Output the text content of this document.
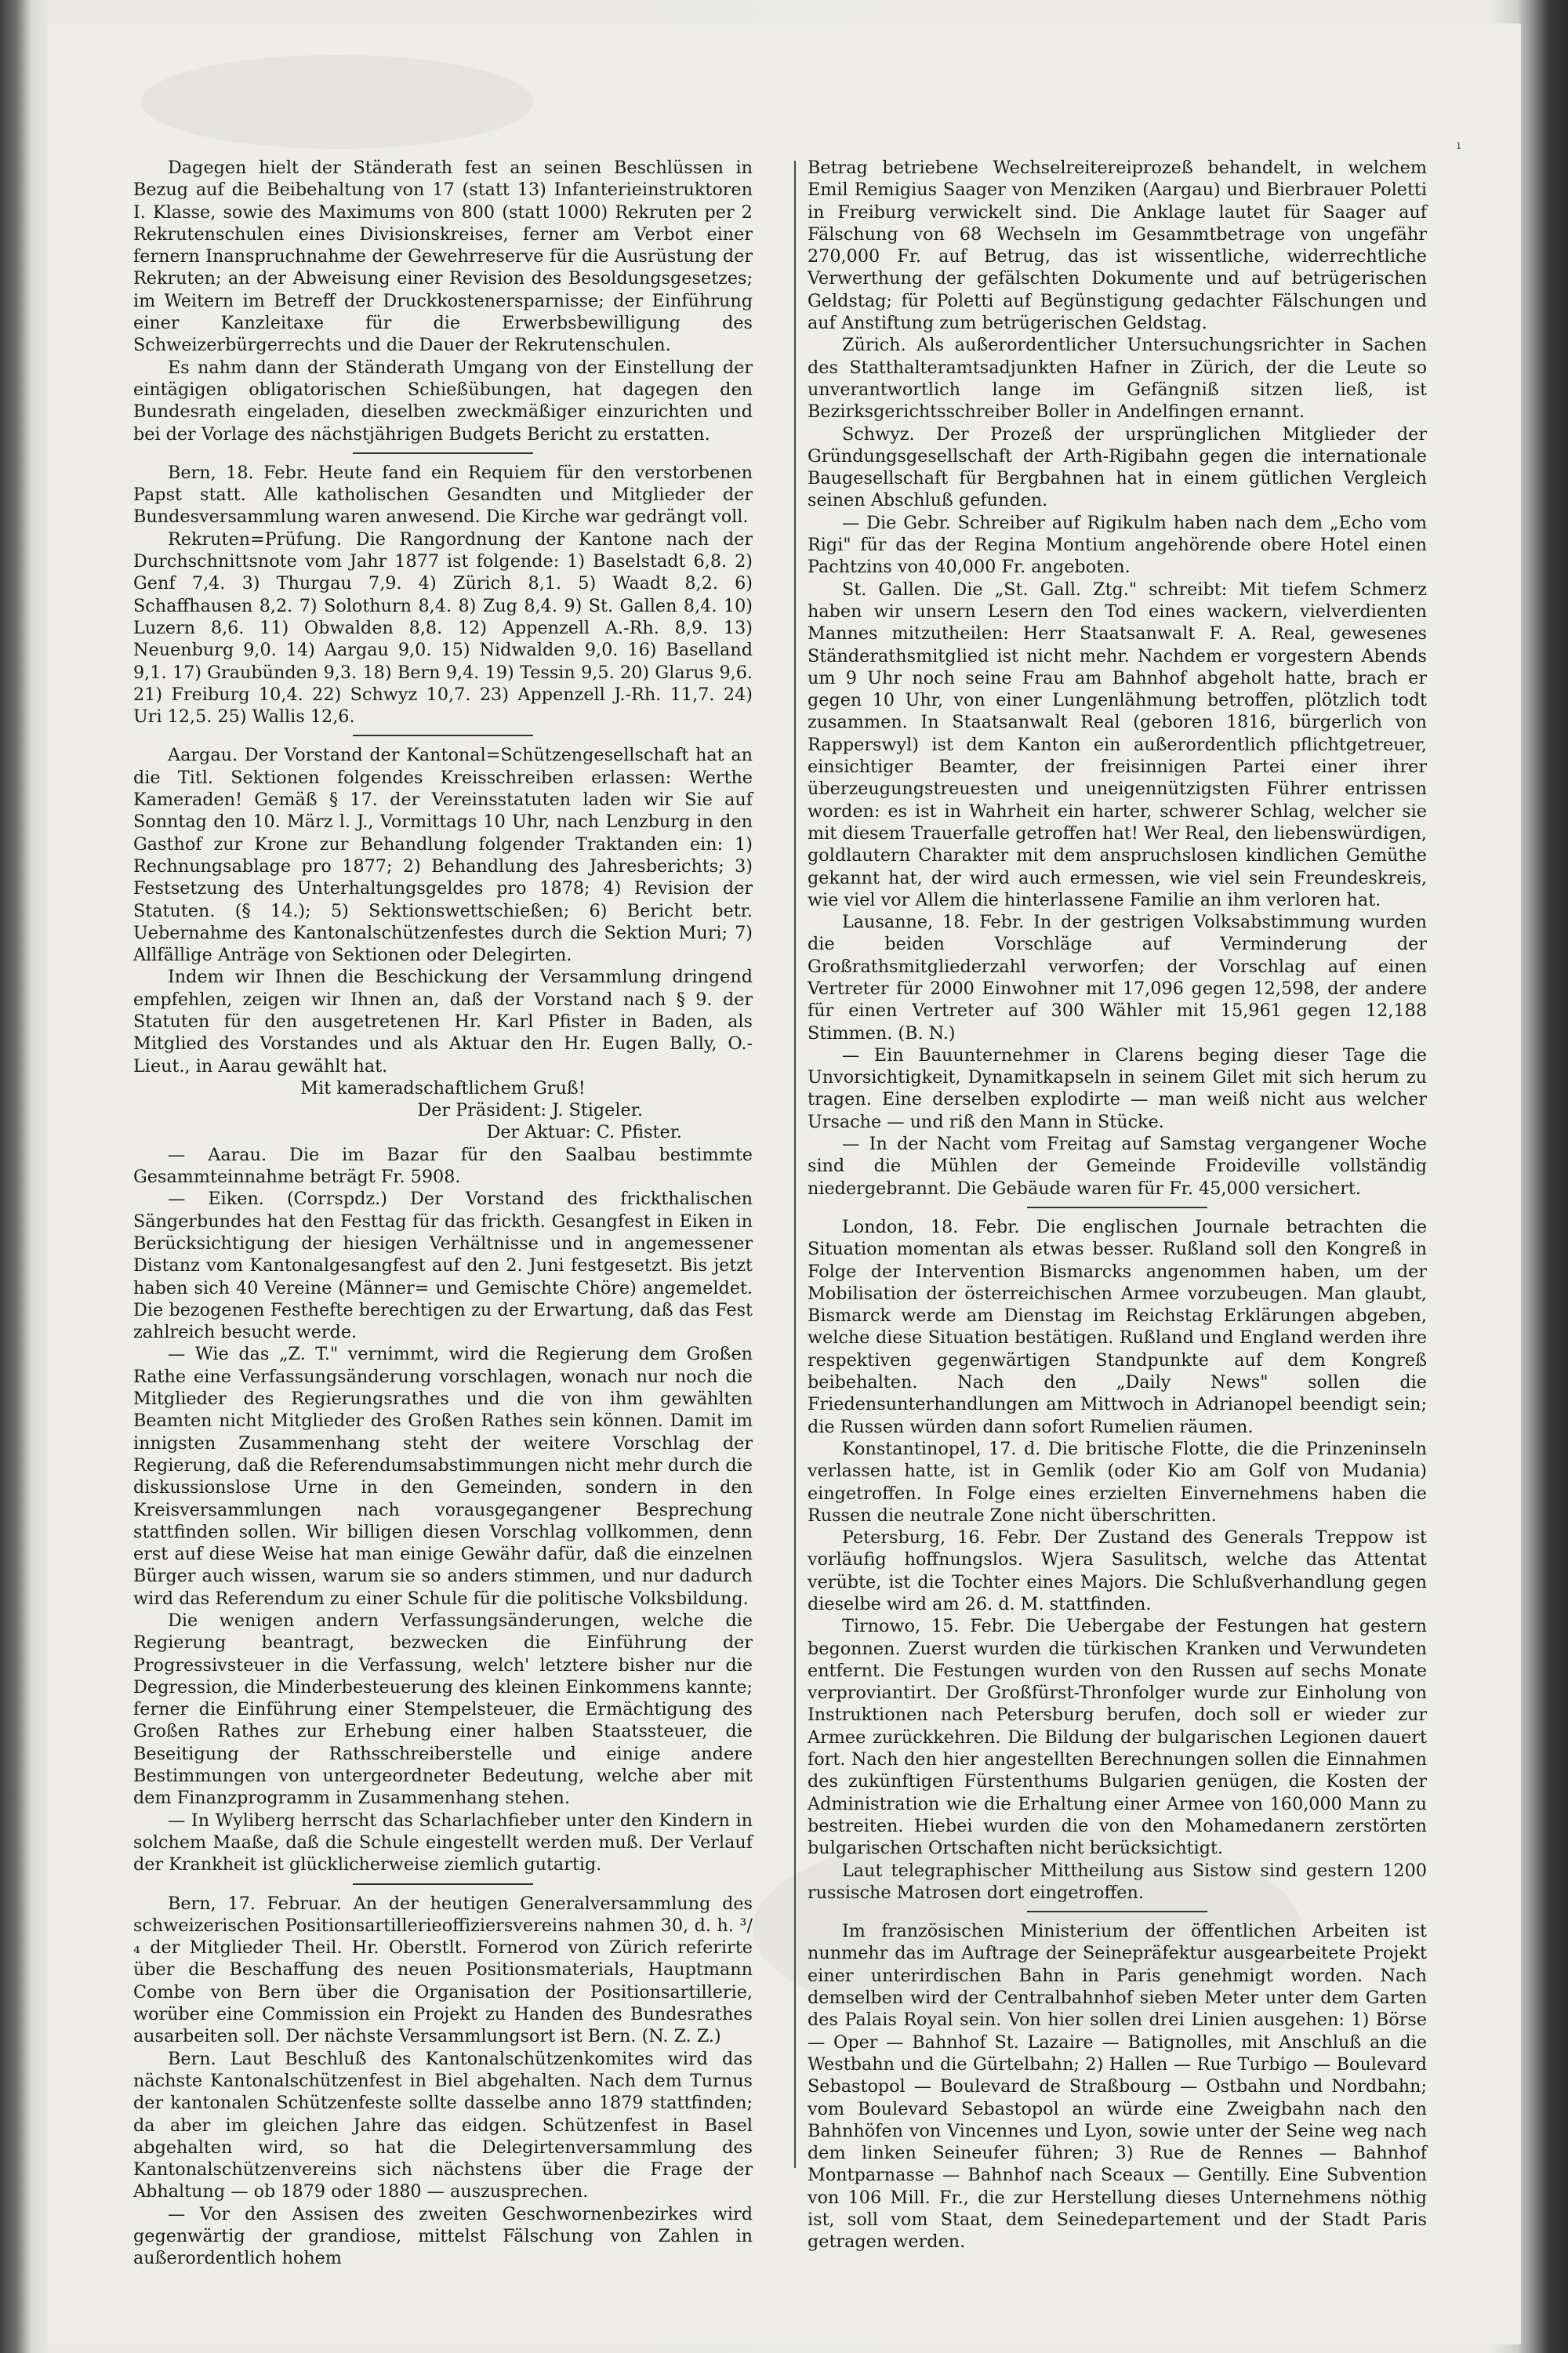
ı

Dagegen hielt der Ständerath fest an seinen Beschlüssen in Bezug auf die Beibehaltung von 17 (statt 13) Infanterieinstruktoren I. Klasse, sowie des Maximums von 800 (statt 1000) Rekruten per 2 Rekrutenschulen eines Divisionskreises, ferner am Verbot einer fernern Inanspruchnahme der Gewehrreserve für die Ausrüstung der Rekruten; an der Abweisung einer Revision des Besoldungsgesetzes; im Weitern im Betreff der Druckkostenersparnisse; der Einführung einer Kanzleitaxe für die Erwerbsbewilligung des Schweizerbürgerrechts und die Dauer der Rekrutenschulen.

Es nahm dann der Ständerath Umgang von der Einstellung der eintägigen obligatorischen Schießübungen, hat dagegen den Bundesrath eingeladen, dieselben zweckmäßiger einzurichten und bei der Vorlage des nächstjährigen Budgets Bericht zu erstatten.

Bern, 18. Febr. Heute fand ein Requiem für den verstorbenen Papst statt. Alle katholischen Gesandten und Mitglieder der Bundesversammlung waren anwesend. Die Kirche war gedrängt voll.

Rekruten=Prüfung. Die Rangordnung der Kantone nach der Durchschnittsnote vom Jahr 1877 ist folgende: 1) Baselstadt 6,8. 2) Genf 7,4. 3) Thurgau 7,9. 4) Zürich 8,1. 5) Waadt 8,2. 6) Schaffhausen 8,2. 7) Solothurn 8,4. 8) Zug 8,4. 9) St. Gallen 8,4. 10) Luzern 8,6. 11) Obwalden 8,8. 12) Appenzell A.-Rh. 8,9. 13) Neuenburg 9,0. 14) Aargau 9,0. 15) Nidwalden 9,0. 16) Baselland 9,1. 17) Graubünden 9,3. 18) Bern 9,4. 19) Tessin 9,5. 20) Glarus 9,6. 21) Freiburg 10,4. 22) Schwyz 10,7. 23) Appenzell J.-Rh. 11,7. 24) Uri 12,5. 25) Wallis 12,6.

Aargau. Der Vorstand der Kantonal=Schützengesellschaft hat an die Titl. Sektionen folgendes Kreisschreiben erlassen: Werthe Kameraden! Gemäß § 17. der Vereinsstatuten laden wir Sie auf Sonntag den 10. März l. J., Vormittags 10 Uhr, nach Lenzburg in den Gasthof zur Krone zur Behandlung folgender Traktanden ein: 1) Rechnungsablage pro 1877; 2) Behandlung des Jahresberichts; 3) Festsetzung des Unterhaltungsgeldes pro 1878; 4) Revision der Statuten. (§ 14.); 5) Sektionswettschießen; 6) Bericht betr. Uebernahme des Kantonalschützenfestes durch die Sektion Muri; 7) Allfällige Anträge von Sektionen oder Delegirten.

Indem wir Ihnen die Beschickung der Versammlung dringend empfehlen, zeigen wir Ihnen an, daß der Vorstand nach § 9. der Statuten für den ausgetretenen Hr. Karl Pfister in Baden, als Mitglied des Vorstandes und als Aktuar den Hr. Eugen Bally, O.-Lieut., in Aarau gewählt hat.

Mit kameradschaftlichem Gruß!

Der Präsident: J. Stigeler.

Der Aktuar: C. Pfister.

— Aarau. Die im Bazar für den Saalbau bestimmte Gesammteinnahme beträgt Fr. 5908.

— Eiken. (Corrspdz.) Der Vorstand des frickthalischen Sängerbundes hat den Festtag für das frickth. Gesangfest in Eiken in Berücksichtigung der hiesigen Verhältnisse und in angemessener Distanz vom Kantonalgesangfest auf den 2. Juni festgesetzt. Bis jetzt haben sich 40 Vereine (Männer= und Gemischte Chöre) angemeldet. Die bezogenen Festhefte berechtigen zu der Erwartung, daß das Fest zahlreich besucht werde.

— Wie das „Z. T." vernimmt, wird die Regierung dem Großen Rathe eine Verfassungsänderung vorschlagen, wonach nur noch die Mitglieder des Regierungsrathes und die von ihm gewählten Beamten nicht Mitglieder des Großen Rathes sein können. Damit im innigsten Zusammenhang steht der weitere Vorschlag der Regierung, daß die Referendumsabstimmungen nicht mehr durch die diskussionslose Urne in den Gemeinden, sondern in den Kreisversammlungen nach vorausgegangener Besprechung stattfinden sollen. Wir billigen diesen Vorschlag vollkommen, denn erst auf diese Weise hat man einige Gewähr dafür, daß die einzelnen Bürger auch wissen, warum sie so anders stimmen, und nur dadurch wird das Referendum zu einer Schule für die politische Volksbildung.

Die wenigen andern Verfassungsänderungen, welche die Regierung beantragt, bezwecken die Einführung der Progressivsteuer in die Verfassung, welch' letztere bisher nur die Degression, die Minderbesteuerung des kleinen Einkommens kannte; ferner die Einführung einer Stempelsteuer, die Ermächtigung des Großen Rathes zur Erhebung einer halben Staatssteuer, die Beseitigung der Rathsschreiberstelle und einige andere Bestimmungen von untergeordneter Bedeutung, welche aber mit dem Finanzprogramm in Zusammenhang stehen.

— In Wyliberg herrscht das Scharlachfieber unter den Kindern in solchem Maaße, daß die Schule eingestellt werden muß. Der Verlauf der Krankheit ist glücklicherweise ziemlich gutartig.

Bern, 17. Februar. An der heutigen Generalversammlung des schweizerischen Positionsartillerieoffiziersvereins nahmen 30, d. h. ³/₄ der Mitglieder Theil. Hr. Oberstlt. Fornerod von Zürich referirte über die Beschaffung des neuen Positionsmaterials, Hauptmann Combe von Bern über die Organisation der Positionsartillerie, worüber eine Commission ein Projekt zu Handen des Bundesrathes ausarbeiten soll. Der nächste Versammlungsort ist Bern. (N. Z. Z.)

Bern. Laut Beschluß des Kantonalschützenkomites wird das nächste Kantonalschützenfest in Biel abgehalten. Nach dem Turnus der kantonalen Schützenfeste sollte dasselbe anno 1879 stattfinden; da aber im gleichen Jahre das eidgen. Schützenfest in Basel abgehalten wird, so hat die Delegirtenversammlung des Kantonalschützenvereins sich nächstens über die Frage der Abhaltung — ob 1879 oder 1880 — auszusprechen.

— Vor den Assisen des zweiten Geschwornenbezirkes wird gegenwärtig der grandiose, mittelst Fälschung von Zahlen in außerordentlich hohem

Betrag betriebene Wechselreitereiprozeß behandelt, in welchem Emil Remigius Saager von Menziken (Aargau) und Bierbrauer Poletti in Freiburg verwickelt sind. Die Anklage lautet für Saager auf Fälschung von 68 Wechseln im Gesammtbetrage von ungefähr 270,000 Fr. auf Betrug, das ist wissentliche, widerrechtliche Verwerthung der gefälschten Dokumente und auf betrügerischen Geldstag; für Poletti auf Begünstigung gedachter Fälschungen und auf Anstiftung zum betrügerischen Geldstag.

Zürich. Als außerordentlicher Untersuchungsrichter in Sachen des Statthalteramtsadjunkten Hafner in Zürich, der die Leute so unverantwortlich lange im Gefängniß sitzen ließ, ist Bezirksgerichtsschreiber Boller in Andelfingen ernannt.

Schwyz. Der Prozeß der ursprünglichen Mitglieder der Gründungsgesellschaft der Arth-Rigibahn gegen die internationale Baugesellschaft für Bergbahnen hat in einem gütlichen Vergleich seinen Abschluß gefunden.

— Die Gebr. Schreiber auf Rigikulm haben nach dem „Echo vom Rigi" für das der Regina Montium angehörende obere Hotel einen Pachtzins von 40,000 Fr. angeboten.

St. Gallen. Die „St. Gall. Ztg." schreibt: Mit tiefem Schmerz haben wir unsern Lesern den Tod eines wackern, vielverdienten Mannes mitzutheilen: Herr Staatsanwalt F. A. Real, gewesenes Ständerathsmitglied ist nicht mehr. Nachdem er vorgestern Abends um 9 Uhr noch seine Frau am Bahnhof abgeholt hatte, brach er gegen 10 Uhr, von einer Lungenlähmung betroffen, plötzlich todt zusammen. In Staatsanwalt Real (geboren 1816, bürgerlich von Rapperswyl) ist dem Kanton ein außerordentlich pflichtgetreuer, einsichtiger Beamter, der freisinnigen Partei einer ihrer überzeugungstreuesten und uneigennützigsten Führer entrissen worden: es ist in Wahrheit ein harter, schwerer Schlag, welcher sie mit diesem Trauerfalle getroffen hat! Wer Real, den liebenswürdigen, goldlautern Charakter mit dem anspruchslosen kindlichen Gemüthe gekannt hat, der wird auch ermessen, wie viel sein Freundeskreis, wie viel vor Allem die hinterlassene Familie an ihm verloren hat.

Lausanne, 18. Febr. In der gestrigen Volksabstimmung wurden die beiden Vorschläge auf Verminderung der Großrathsmitgliederzahl verworfen; der Vorschlag auf einen Vertreter für 2000 Einwohner mit 17,096 gegen 12,598, der andere für einen Vertreter auf 300 Wähler mit 15,961 gegen 12,188 Stimmen. (B. N.)

— Ein Bauunternehmer in Clarens beging dieser Tage die Unvorsichtigkeit, Dynamitkapseln in seinem Gilet mit sich herum zu tragen. Eine derselben explodirte — man weiß nicht aus welcher Ursache — und riß den Mann in Stücke.

— In der Nacht vom Freitag auf Samstag vergangener Woche sind die Mühlen der Gemeinde Froideville vollständig niedergebrannt. Die Gebäude waren für Fr. 45,000 versichert.

London, 18. Febr. Die englischen Journale betrachten die Situation momentan als etwas besser. Rußland soll den Kongreß in Folge der Intervention Bismarcks angenommen haben, um der Mobilisation der österreichischen Armee vorzubeugen. Man glaubt, Bismarck werde am Dienstag im Reichstag Erklärungen abgeben, welche diese Situation bestätigen. Rußland und England werden ihre respektiven gegenwärtigen Standpunkte auf dem Kongreß beibehalten. Nach den „Daily News" sollen die Friedensunterhandlungen am Mittwoch in Adrianopel beendigt sein; die Russen würden dann sofort Rumelien räumen.

Konstantinopel, 17. d. Die britische Flotte, die die Prinzeninseln verlassen hatte, ist in Gemlik (oder Kio am Golf von Mudania) eingetroffen. In Folge eines erzielten Einvernehmens haben die Russen die neutrale Zone nicht überschritten.

Petersburg, 16. Febr. Der Zustand des Generals Treppow ist vorläufig hoffnungslos. Wjera Sasulitsch, welche das Attentat verübte, ist die Tochter eines Majors. Die Schlußverhandlung gegen dieselbe wird am 26. d. M. stattfinden.

Tirnowo, 15. Febr. Die Uebergabe der Festungen hat gestern begonnen. Zuerst wurden die türkischen Kranken und Verwundeten entfernt. Die Festungen wurden von den Russen auf sechs Monate verproviantirt. Der Großfürst-Thronfolger wurde zur Einholung von Instruktionen nach Petersburg berufen, doch soll er wieder zur Armee zurückkehren. Die Bildung der bulgarischen Legionen dauert fort. Nach den hier angestellten Berechnungen sollen die Einnahmen des zukünftigen Fürstenthums Bulgarien genügen, die Kosten der Administration wie die Erhaltung einer Armee von 160,000 Mann zu bestreiten. Hiebei wurden die von den Mohamedanern zerstörten bulgarischen Ortschaften nicht berücksichtigt.

Laut telegraphischer Mittheilung aus Sistow sind gestern 1200 russische Matrosen dort eingetroffen.

Im französischen Ministerium der öffentlichen Arbeiten ist nunmehr das im Auftrage der Seinepräfektur ausgearbeitete Projekt einer unterirdischen Bahn in Paris genehmigt worden. Nach demselben wird der Centralbahnhof sieben Meter unter dem Garten des Palais Royal sein. Von hier sollen drei Linien ausgehen: 1) Börse — Oper — Bahnhof St. Lazaire — Batignolles, mit Anschluß an die Westbahn und die Gürtelbahn; 2) Hallen — Rue Turbigo — Boulevard Sebastopol — Boulevard de Straßbourg — Ostbahn und Nordbahn; vom Boulevard Sebastopol an würde eine Zweigbahn nach den Bahnhöfen von Vincennes und Lyon, sowie unter der Seine weg nach dem linken Seineufer führen; 3) Rue de Rennes — Bahnhof Montparnasse — Bahnhof nach Sceaux — Gentilly. Eine Subvention von 106 Mill. Fr., die zur Herstellung dieses Unternehmens nöthig ist, soll vom Staat, dem Seinedepartement und der Stadt Paris getragen werden.
